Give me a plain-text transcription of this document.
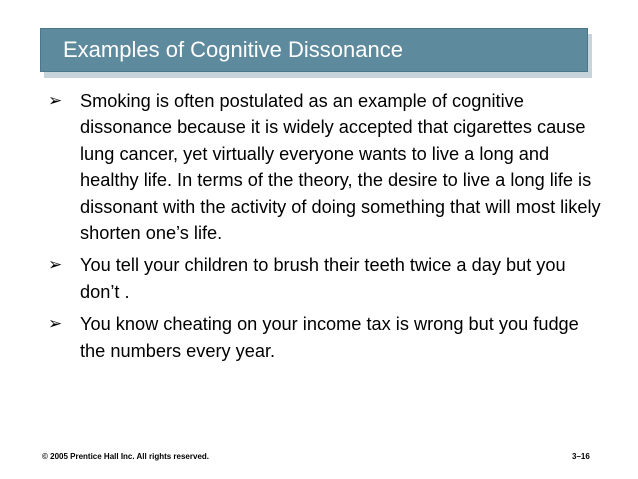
Examples of Cognitive Dissonance
➢ Smoking is often postulated as an example of cognitive dissonance because it is widely accepted that cigarettes cause lung cancer, yet virtually everyone wants to live a long and healthy life. In terms of the theory, the desire to live a long life is dissonant with the activity of doing something that will most likely shorten one’s life.
➢ You tell your children to brush their teeth twice a day but you don’t .
➢ You know cheating on your income tax is wrong but you fudge the numbers every year.
© 2005 Prentice Hall Inc. All rights reserved.	3–16
